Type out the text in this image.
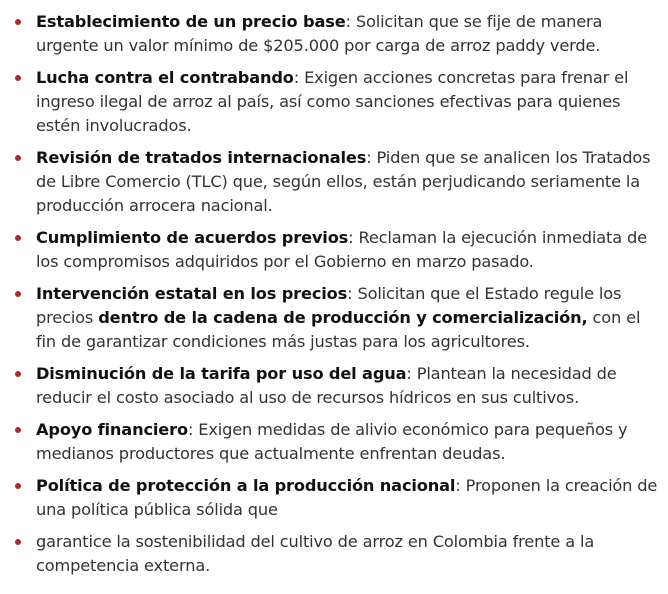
Establecimiento de un precio base: Solicitan que se fije de manera urgente un valor mínimo de $205.000 por carga de arroz paddy verde.
Lucha contra el contrabando: Exigen acciones concretas para frenar el ingreso ilegal de arroz al país, así como sanciones efectivas para quienes estén involucrados.
Revisión de tratados internacionales: Piden que se analicen los Tratados de Libre Comercio (TLC) que, según ellos, están perjudicando seriamente la producción arrocera nacional.
Cumplimiento de acuerdos previos: Reclaman la ejecución inmediata de los compromisos adquiridos por el Gobierno en marzo pasado.
Intervención estatal en los precios: Solicitan que el Estado regule los precios dentro de la cadena de producción y comercialización, con el fin de garantizar condiciones más justas para los agricultores.
Disminución de la tarifa por uso del agua: Plantean la necesidad de reducir el costo asociado al uso de recursos hídricos en sus cultivos.
Apoyo financiero: Exigen medidas de alivio económico para pequeños y medianos productores que actualmente enfrentan deudas.
Política de protección a la producción nacional: Proponen la creación de una política pública sólida que
garantice la sostenibilidad del cultivo de arroz en Colombia frente a la competencia externa.
